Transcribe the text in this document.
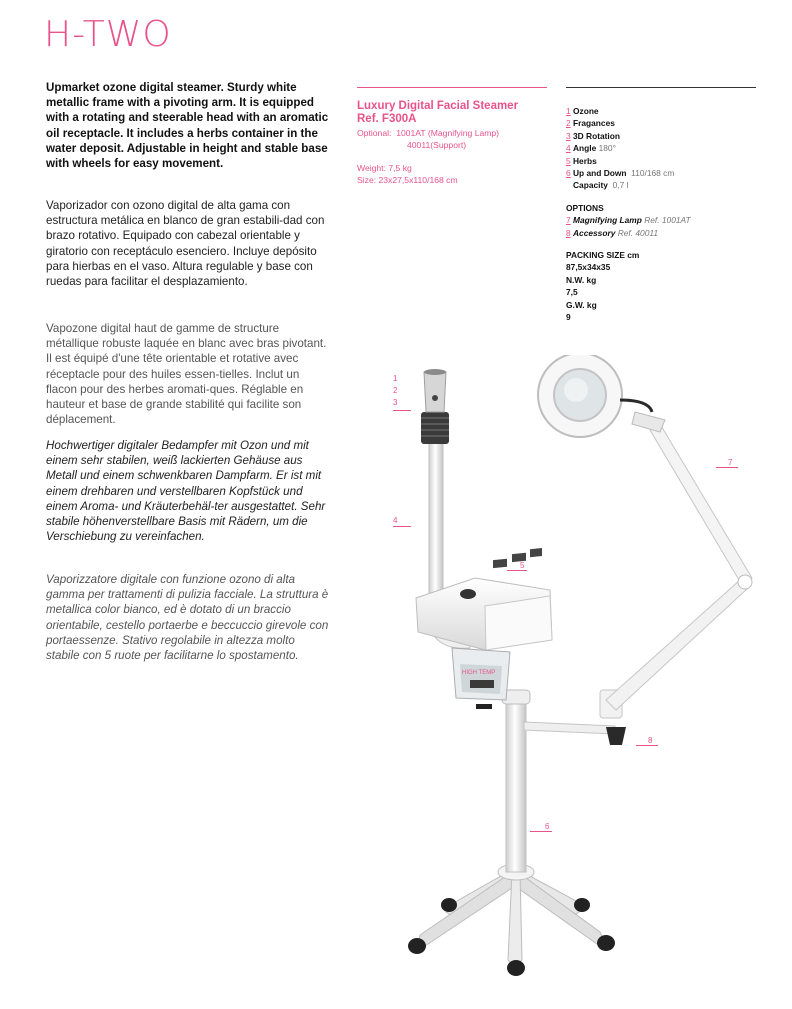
H-TWO

Upmarket ozone digital steamer. Sturdy white metallic frame with a pivoting arm. It is equipped with a rotating and steerable head with an aromatic oil receptacle. It includes a herbs container in the water deposit. Adjustable in height and stable base with wheels for easy movement.

Vaporizador con ozono digital de alta gama con estructura metálica en blanco de gran estabili-dad con brazo rotativo. Equipado con cabezal orientable y giratorio con receptáculo esenciero. Incluye depósito para hierbas en el vaso. Altura regulable y base con ruedas para facilitar el desplazamiento.

Vapozone digital haut de gamme de structure métallique robuste laquée en blanc avec bras pivotant. Il est équipé d'une tête orientable et rotative avec réceptacle pour des huiles essen-tielles. Inclut un flacon pour des herbes aromati-ques. Réglable en hauteur et base de grande stabilité qui facilite son déplacement.

Hochwertiger digitaler Bedampfer mit Ozon und mit einem sehr stabilen, weiß lackierten Gehäuse aus Metall und einem schwenkbaren Dampfarm. Er ist mit einem drehbaren und verstellbaren Kopfstück und einem Aroma- und Kräuterbehäl-ter ausgestattet. Sehr stabile höhenverstellbare Basis mit Rädern, um die Verschiebung zu vereinfachen.

Vaporizzatore digitale con funzione ozono di alta gamma per trattamenti di pulizia facciale. La struttura è metallica color bianco, ed è dotato di un braccio orientabile, cestello portaerbe e beccuccio girevole con portaessenze. Stativo regolabile in altezza molto stabile con 5 ruote per facilitarne lo spostamento.

Luxury Digital Facial Steamer
Ref. F300A
Optional: 1001AT (Magnifying Lamp)
40011(Support)
Weight: 7,5 kg
Size: 23x27,5x110/168 cm
1 Ozone
2 Fragances
3 3D Rotation
4 Angle 180°
5 Herbs
6 Up and Down 110/168 cm
Capacity 0,7 l
OPTIONS
7 Magnifying Lamp Ref. 1001AT
8 Accessory Ref. 40011
PACKING SIZE cm
87,5x34x35
N.W. kg
7,5
G.W. kg
9
HIGH TEMP
1
2
3
4
5
6
7
8
